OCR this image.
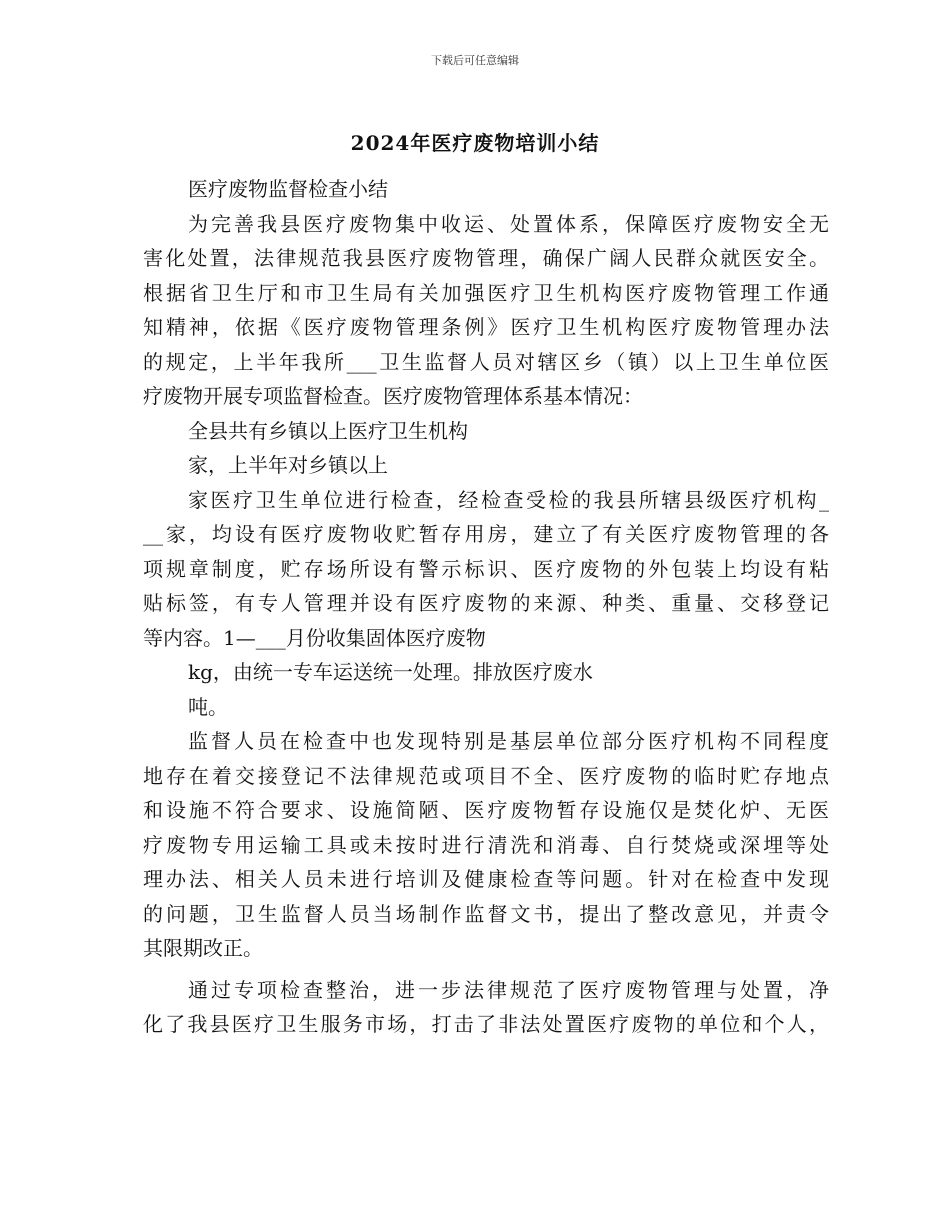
下载后可任意编辑
2024年医疗废物培训小结
医疗废物监督检查小结
为完善我县医疗废物集中收运、处置体系，保障医疗废物安全无
害化处置，法律规范我县医疗废物管理，确保广阔人民群众就医安全。
根据省卫生厅和市卫生局有关加强医疗卫生机构医疗废物管理工作通
知精神，依据《医疗废物管理条例》医疗卫生机构医疗废物管理办法
的规定，上半年我所___卫生监督人员对辖区乡（镇）以上卫生单位医
疗废物开展专项监督检查。医疗废物管理体系基本情况：
全县共有乡镇以上医疗卫生机构
家，上半年对乡镇以上
家医疗卫生单位进行检查，经检查受检的我县所辖县级医疗机构_
__家，均设有医疗废物收贮暂存用房，建立了有关医疗废物管理的各
项规章制度，贮存场所设有警示标识、医疗废物的外包装上均设有粘
贴标签，有专人管理并设有医疗废物的来源、种类、重量、交移登记
等内容。1—___月份收集固体医疗废物
kg，由统一专车运送统一处理。排放医疗废水
吨。
监督人员在检查中也发现特别是基层单位部分医疗机构不同程度
地存在着交接登记不法律规范或项目不全、医疗废物的临时贮存地点
和设施不符合要求、设施简陋、医疗废物暂存设施仅是焚化炉、无医
疗废物专用运输工具或未按时进行清洗和消毒、自行焚烧或深埋等处
理办法、相关人员未进行培训及健康检查等问题。针对在检查中发现
的问题，卫生监督人员当场制作监督文书，提出了整改意见，并责令
其限期改正。
通过专项检查整治，进一步法律规范了医疗废物管理与处置，净
化了我县医疗卫生服务市场，打击了非法处置医疗废物的单位和个人，
